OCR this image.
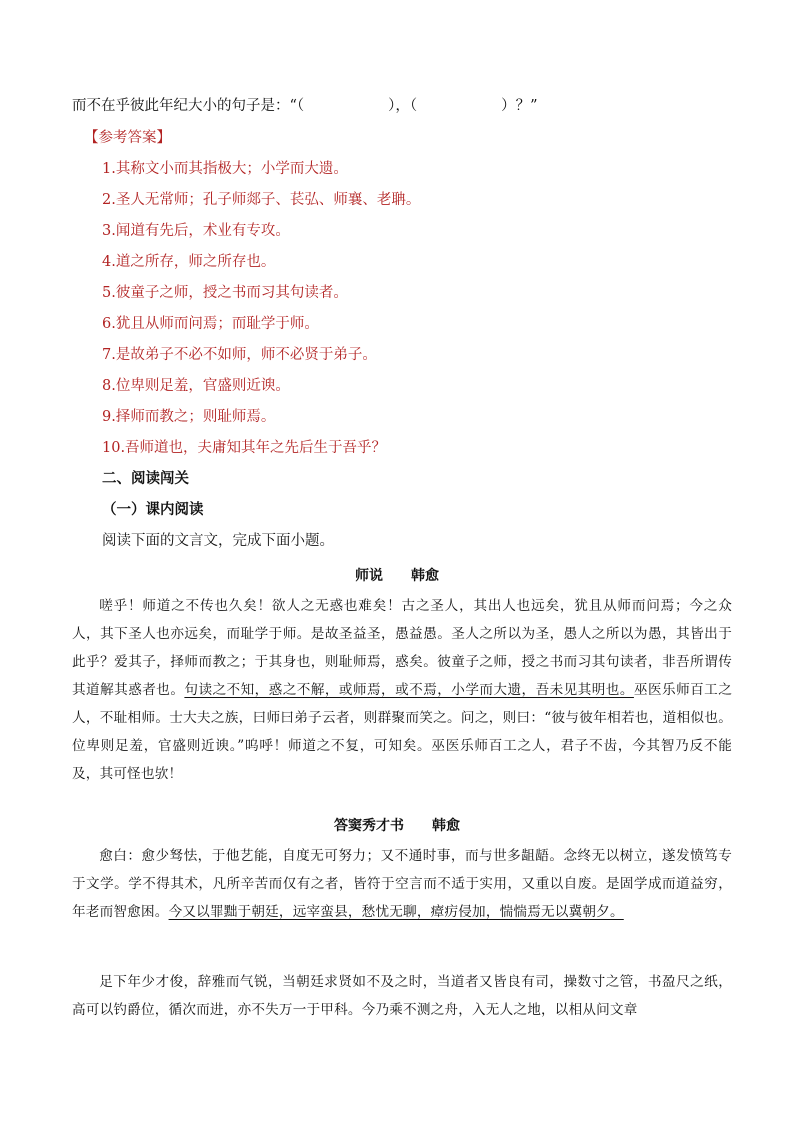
而不在乎彼此年纪大小的句子是：“（	），（	）？”
【参考答案】
1.其称文小而其指极大；小学而大遗。
2.圣人无常师；孔子师郯子、苌弘、师襄、老聃。
3.闻道有先后，术业有专攻。
4.道之所存，师之所存也。
5.彼童子之师，授之书而习其句读者。
6.犹且从师而问焉；而耻学于师。
7.是故弟子不必不如师，师不必贤于弟子。
8.位卑则足羞，官盛则近谀。
9.择师而教之；则耻师焉。
10.吾师道也，夫庸知其年之先后生于吾乎？
二、阅读闯关
（一）课内阅读
阅读下面的文言文，完成下面小题。
师说 韩愈
嗟乎！师道之不传也久矣！欲人之无惑也难矣！古之圣人，其出人也远矣，犹且从师而问焉；今之众人，其下圣人也亦远矣，而耻学于师。是故圣益圣，愚益愚。圣人之所以为圣，愚人之所以为愚，其皆出于此乎？爱其子，择师而教之；于其身也，则耻师焉，惑矣。彼童子之师，授之书而习其句读者，非吾所谓传其道解其惑者也。句读之不知，惑之不解，或师焉，或不焉，小学而大遗，吾未见其明也。巫医乐师百工之人，不耻相师。士大夫之族，曰师曰弟子云者，则群聚而笑之。问之，则曰：“彼与彼年相若也，道相似也。位卑则足羞，官盛则近谀。”呜呼！师道之不复，可知矣。巫医乐师百工之人，君子不齿，今其智乃反不能及，其可怪也欤！
答窦秀才书 韩愈
愈白：愈少驽怯，于他艺能，自度无可努力；又不通时事，而与世多龃龉。念终无以树立，遂发愤笃专于文学。学不得其术，凡所辛苦而仅有之者，皆符于空言而不适于实用，又重以自废。是固学成而道益穷，年老而智愈困。今又以罪黜于朝廷，远宰蛮县，愁忧无聊，瘴疠侵加，惴惴焉无以冀朝夕。
足下年少才俊，辞雅而气锐，当朝廷求贤如不及之时，当道者又皆良有司，操数寸之管，书盈尺之纸，高可以钓爵位，循次而进，亦不失万一于甲科。今乃乘不测之舟，入无人之地，以相从问文章
